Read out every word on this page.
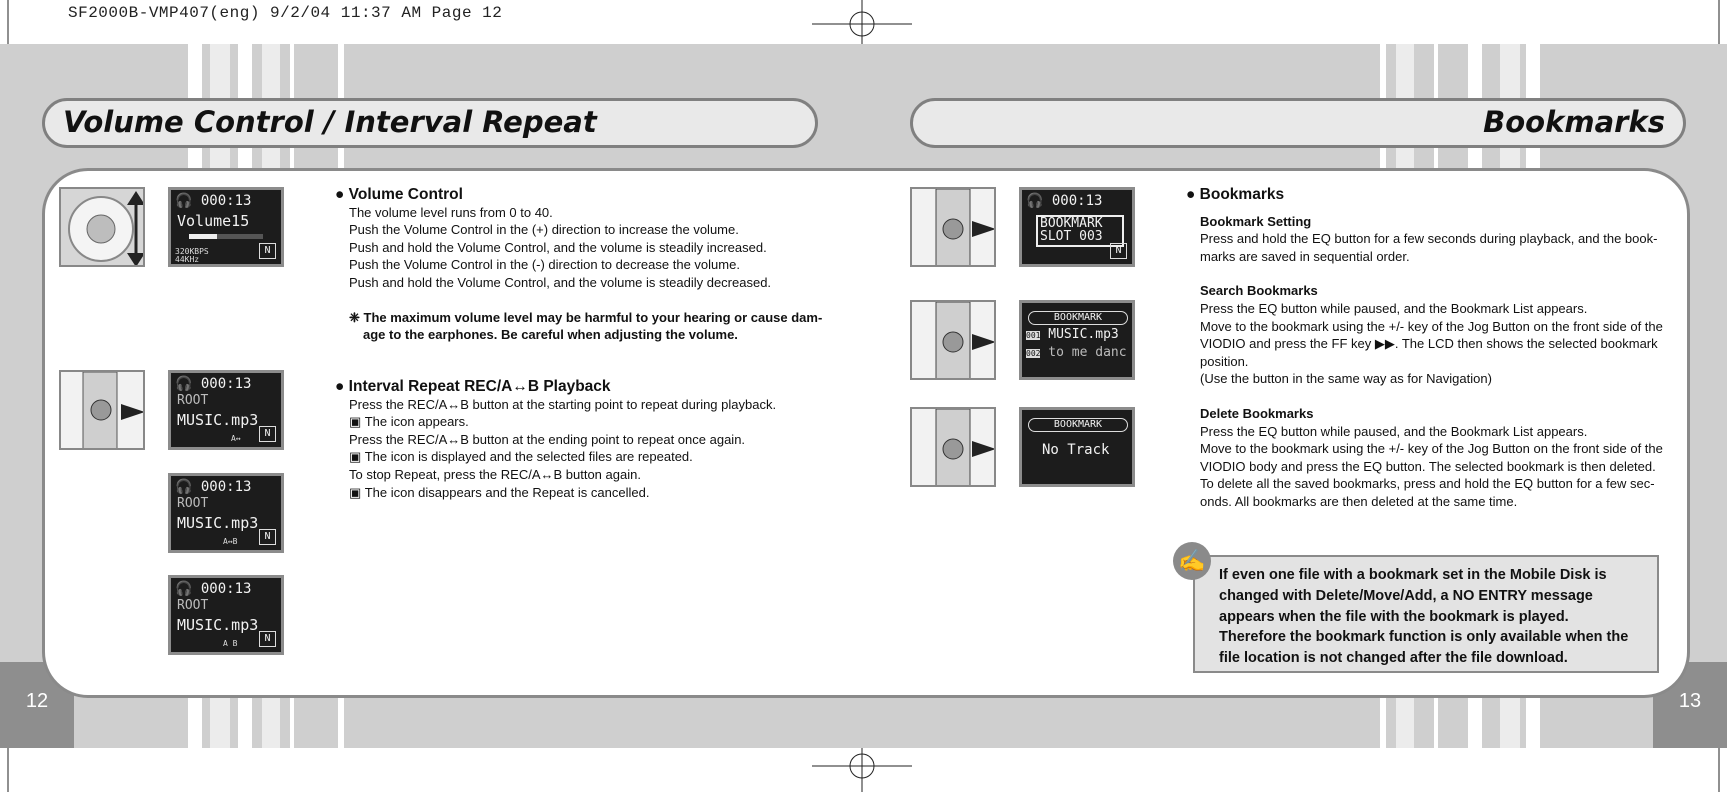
SF2000B-VMP407(eng) 9/2/04 11:37 AM Page 12
12	13
Volume Control / Interval Repeat	Bookmarks
🎧 000:13
Volume15
320KBPS
44KHz
N
🎧 000:13
ROOT
MUSIC.mp3
A↔	N
🎧 000:13
ROOT
MUSIC.mp3
A↔B	N
🎧 000:13
ROOT
MUSIC.mp3
A B	N
● Volume Control
The volume level runs from 0 to 40.
Push the Volume Control in the (+) direction to increase the volume.
Push and hold the Volume Control, and the volume is steadily increased.
Push the Volume Control in the (-) direction to decrease the volume.
Push and hold the Volume Control, and the volume is steadily decreased.
❈ The maximum volume level may be harmful to your hearing or cause dam-
age to the earphones. Be careful when adjusting the volume.
● Interval Repeat REC/A↔B Playback
Press the REC/A↔B button at the starting point to repeat during playback.
▣ The icon appears.
Press the REC/A↔B button at the ending point to repeat once again.
▣ The icon is displayed and the selected files are repeated.
To stop Repeat, press the REC/A↔B button again.
▣ The icon disappears and the Repeat is cancelled.
🎧 000:13
BOOKMARK
SLOT 003
N
BOOKMARK
001 MUSIC.mp3
002 to me danc
BOOKMARK
No Track
● Bookmarks
Bookmark Setting
Press and hold the EQ button for a few seconds during playback, and the book-
marks are saved in sequential order.
Search Bookmarks
Press the EQ button while paused, and the Bookmark List appears.
Move to the bookmark using the +/- key of the Jog Button on the front side of the
VIODIO and press the FF key ▶▶. The LCD then shows the selected bookmark
position.
(Use the button in the same way as for Navigation)
Delete Bookmarks
Press the EQ button while paused, and the Bookmark List appears.
Move to the bookmark using the +/- key of the Jog Button on the front side of the
VIODIO body and press the EQ button. The selected bookmark is then deleted.
To delete all the saved bookmarks, press and hold the EQ button for a few sec-
onds. All bookmarks are then deleted at the same time.
If even one file with a bookmark set in the Mobile Disk is
changed with Delete/Move/Add, a NO ENTRY message
appears when the file with the bookmark is played.
Therefore the bookmark function is only available when the
file location is not changed after the file download.
✍
